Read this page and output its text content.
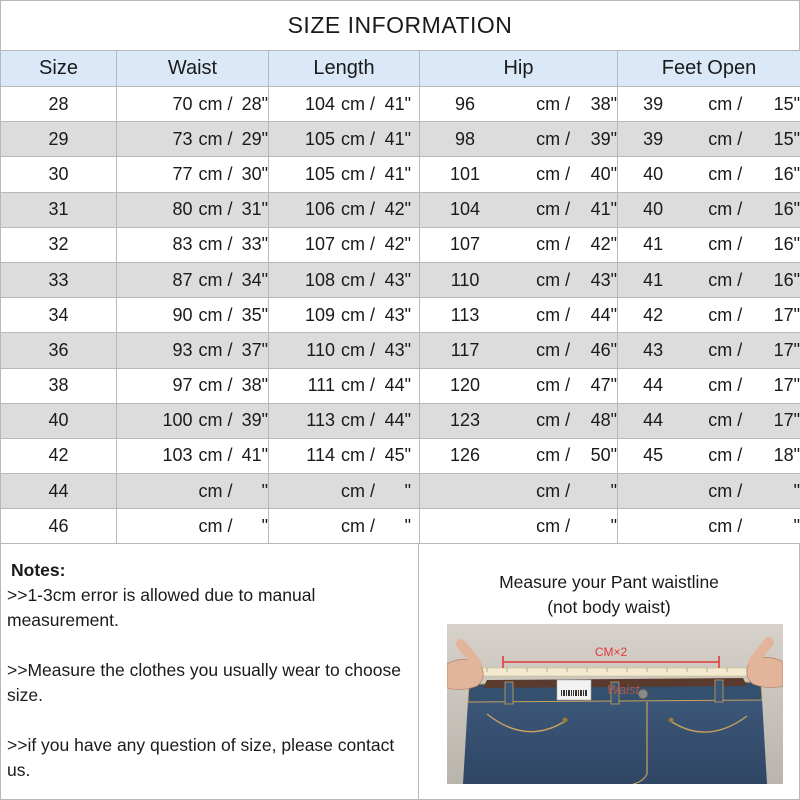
SIZE INFORMATION
Size	Waist	Length	Hip	Feet Open
28	70 cm / 28"	104 cm / 41"	96 cm / 38"	39 cm / 15"

29	73 cm / 29"	105 cm / 41"	98 cm / 39"	39 cm / 15"

30	77 cm / 30"	105 cm / 41"	101 cm / 40"	40 cm / 16"

31	80 cm / 31"	106 cm / 42"	104 cm / 41"	40 cm / 16"

32	83 cm / 33"	107 cm / 42"	107 cm / 42"	41 cm / 16"

33	87 cm / 34"	108 cm / 43"	110 cm / 43"	41 cm / 16"

34	90 cm / 35"	109 cm / 43"	113 cm / 44"	42 cm / 17"

36	93 cm / 37"	110 cm / 43"	117 cm / 46"	43 cm / 17"

38	97 cm / 38"	111 cm / 44"	120 cm / 47"	44 cm / 17"

40	100 cm / 39"	113 cm / 44"	123 cm / 48"	44 cm / 17"

42	103 cm / 41"	114 cm / 45"	126 cm / 50"	45 cm / 18"

44	cm / "	cm / "	cm / "	cm / "

46	cm / "	cm / "	cm / "	cm / "
Notes:

>>1-3cm error is allowed due to manual measurement.

>>Measure the clothes you usually wear to choose size.

>>if you have any question of size, please contact us.

Measure your Pant waistline
(not body waist)
CM×2
Waist
